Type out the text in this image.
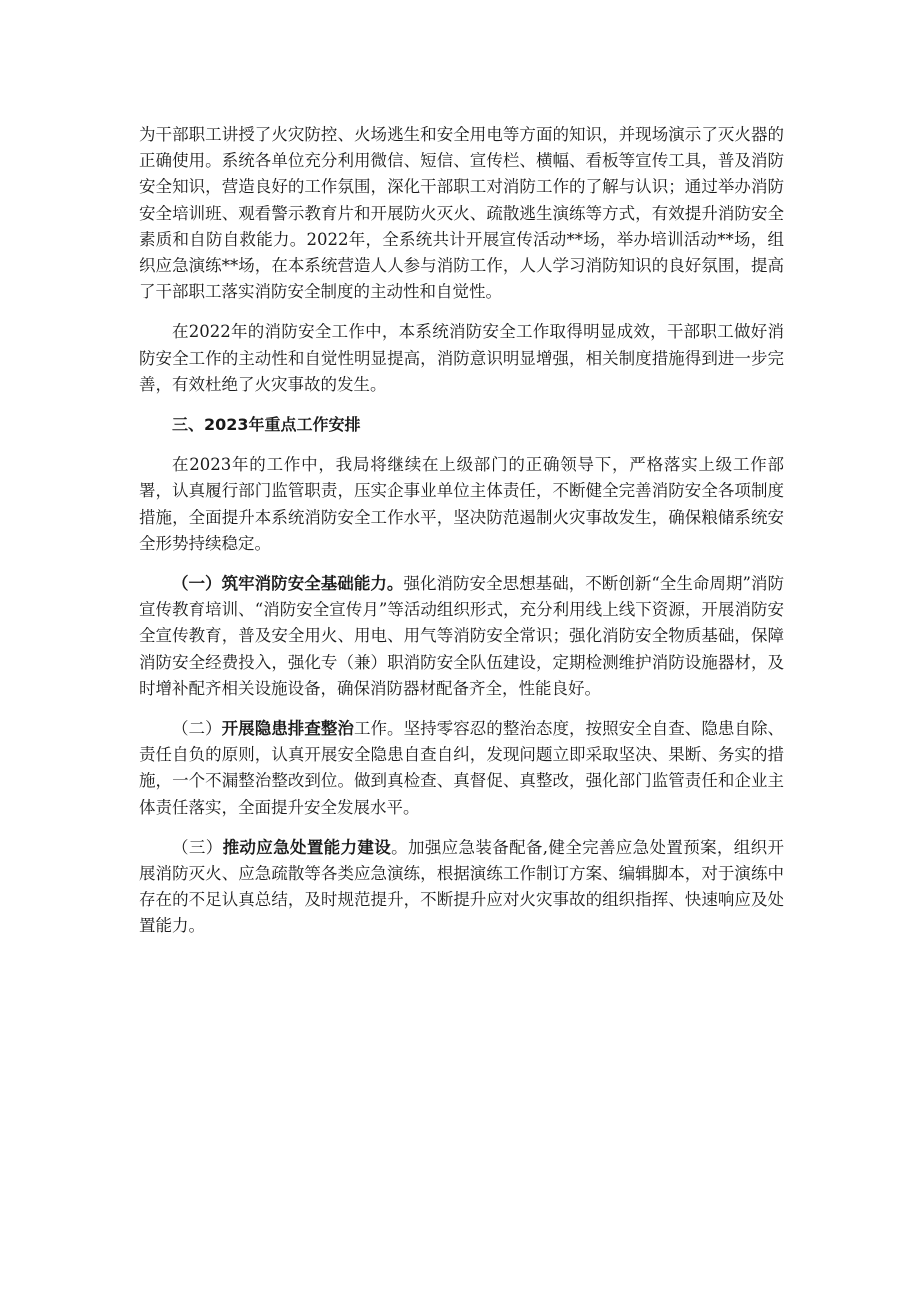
为干部职工讲授了火灾防控、火场逃生和安全用电等方面的知识，并现场演示了灭火器的正确使用。系统各单位充分利用微信、短信、宣传栏、横幅、看板等宣传工具，普及消防安全知识，营造良好的工作氛围，深化干部职工对消防工作的了解与认识；通过举办消防安全培训班、观看警示教育片和开展防火灭火、疏散逃生演练等方式，有效提升消防安全素质和自防自救能力。2022年，全系统共计开展宣传活动**场，举办培训活动**场，组织应急演练**场，在本系统营造人人参与消防工作，人人学习消防知识的良好氛围，提高了干部职工落实消防安全制度的主动性和自觉性。

在2022年的消防安全工作中，本系统消防安全工作取得明显成效，干部职工做好消防安全工作的主动性和自觉性明显提高，消防意识明显增强，相关制度措施得到进一步完善，有效杜绝了火灾事故的发生。

三、2023年重点工作安排

在2023年的工作中，我局将继续在上级部门的正确领导下，严格落实上级工作部署，认真履行部门监管职责，压实企事业单位主体责任，不断健全完善消防安全各项制度措施，全面提升本系统消防安全工作水平，坚决防范遏制火灾事故发生，确保粮储系统安全形势持续稳定。

（一）筑牢消防安全基础能力。强化消防安全思想基础，不断创新“全生命周期”消防宣传教育培训、“消防安全宣传月”等活动组织形式，充分利用线上线下资源，开展消防安全宣传教育，普及安全用火、用电、用气等消防安全常识；强化消防安全物质基础，保障消防安全经费投入，强化专（兼）职消防安全队伍建设，定期检测维护消防设施器材，及时增补配齐相关设施设备，确保消防器材配备齐全，性能良好。

（二）开展隐患排查整治工作。坚持零容忍的整治态度，按照安全自查、隐患自除、责任自负的原则，认真开展安全隐患自查自纠，发现问题立即采取坚决、果断、务实的措施，一个不漏整治整改到位。做到真检查、真督促、真整改，强化部门监管责任和企业主体责任落实，全面提升安全发展水平。

（三）推动应急处置能力建设。加强应急装备配备,健全完善应急处置预案，组织开展消防灭火、应急疏散等各类应急演练，根据演练工作制订方案、编辑脚本，对于演练中存在的不足认真总结，及时规范提升，不断提升应对火灾事故的组织指挥、快速响应及处置能力。
